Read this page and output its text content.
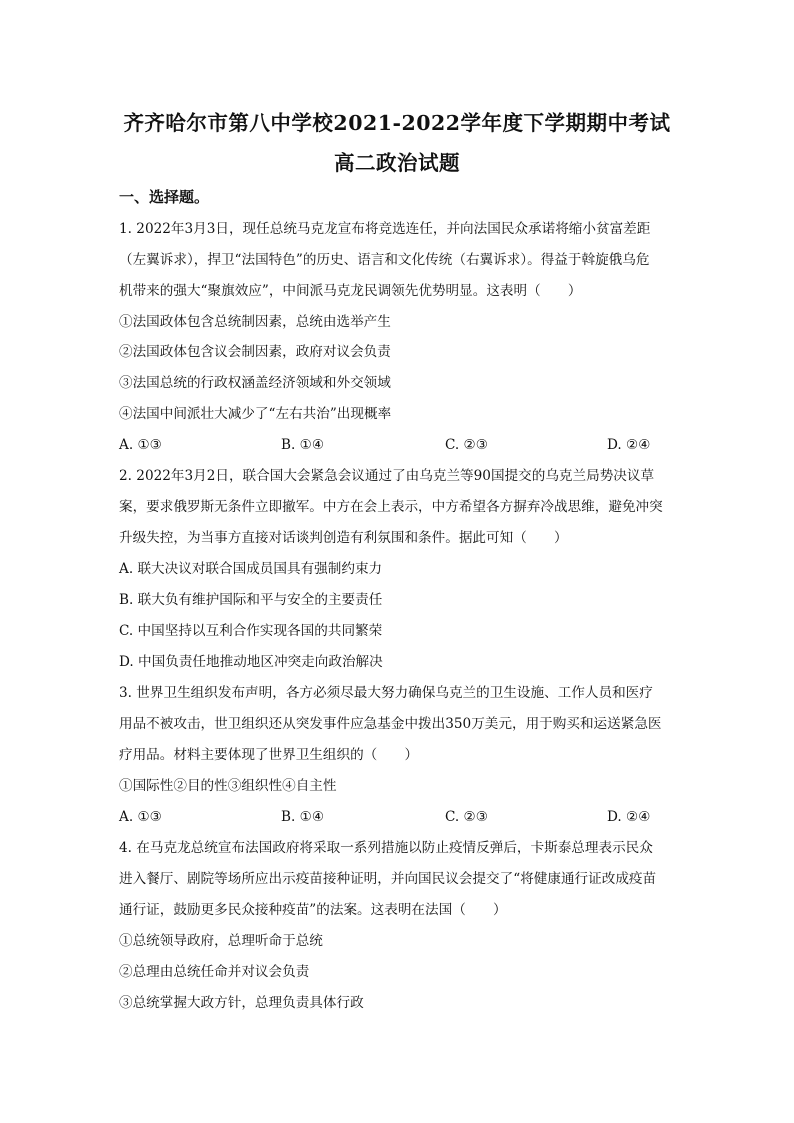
齐齐哈尔市第八中学校2021-2022学年度下学期期中考试
高二政治试题
一、选择题。
1. 2022年3月3日，现任总统马克龙宣布将竞选连任，并向法国民众承诺将缩小贫富差距
（左翼诉求），捍卫“法国特色”的历史、语言和文化传统（右翼诉求）。得益于斡旋俄乌危
机带来的强大“聚旗效应”，中间派马克龙民调领先优势明显。这表明（　　）
①法国政体包含总统制因素，总统由选举产生
②法国政体包含议会制因素，政府对议会负责
③法国总统的行政权涵盖经济领域和外交领域
④法国中间派壮大减少了“左右共治”出现概率
A. ①③	B. ①④	C. ②③	D. ②④
2. 2022年3月2日，联合国大会紧急会议通过了由乌克兰等90国提交的乌克兰局势决议草
案，要求俄罗斯无条件立即撤军。中方在会上表示，中方希望各方摒弃冷战思维，避免冲突
升级失控，为当事方直接对话谈判创造有利氛围和条件。据此可知（　　）
A. 联大决议对联合国成员国具有强制约束力
B. 联大负有维护国际和平与安全的主要责任
C. 中国坚持以互利合作实现各国的共同繁荣
D. 中国负责任地推动地区冲突走向政治解决
3. 世界卫生组织发布声明，各方必须尽最大努力确保乌克兰的卫生设施、工作人员和医疗
用品不被攻击，世卫组织还从突发事件应急基金中拨出350万美元，用于购买和运送紧急医
疗用品。材料主要体现了世界卫生组织的（　　）
①国际性②目的性③组织性④自主性
A. ①③	B. ①④	C. ②③	D. ②④
4. 在马克龙总统宣布法国政府将采取一系列措施以防止疫情反弹后，卡斯泰总理表示民众
进入餐厅、剧院等场所应出示疫苗接种证明，并向国民议会提交了“将健康通行证改成疫苗
通行证，鼓励更多民众接种疫苗”的法案。这表明在法国（　　）
①总统领导政府，总理听命于总统
②总理由总统任命并对议会负责
③总统掌握大政方针，总理负责具体行政
